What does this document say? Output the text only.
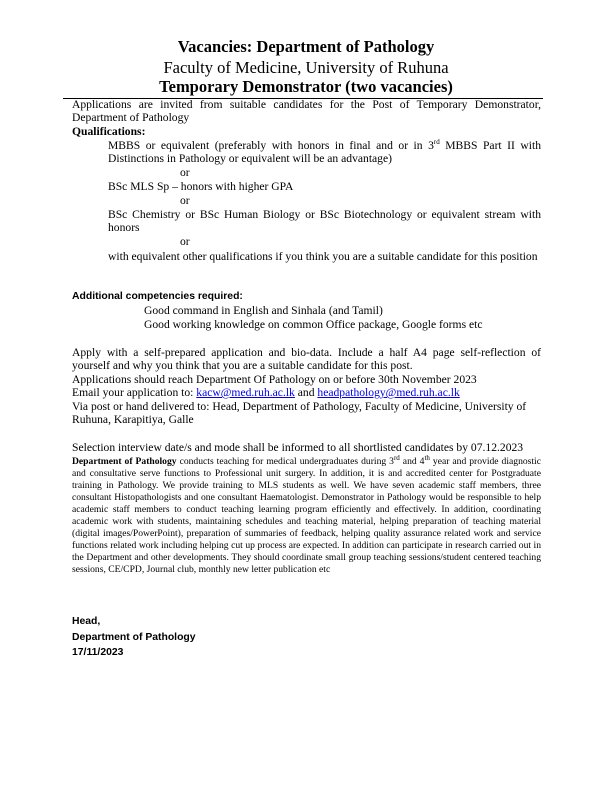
Vacancies: Department of Pathology
Faculty of Medicine, University of Ruhuna
Temporary Demonstrator (two vacancies)
Applications are invited from suitable candidates for the Post of Temporary Demonstrator, Department of Pathology
Qualifications:
MBBS or equivalent (preferably with honors in final and or in 3rd MBBS Part II with Distinctions in Pathology or equivalent will be an advantage)
or
BSc MLS Sp – honors with higher GPA
or
BSc Chemistry or BSc Human Biology or BSc Biotechnology or equivalent stream with honors
or
with equivalent other qualifications if you think you are a suitable candidate for this position
Additional competencies required:
Good command in English and Sinhala (and Tamil)
Good working knowledge on common Office package, Google forms etc
Apply with a self-prepared application and bio-data. Include a half A4 page self-reflection of yourself and why you think that you are a suitable candidate for this post.
Applications should reach Department Of Pathology on or before 30th November 2023
Email your application to: kacw@med.ruh.ac.lk and headpathology@med.ruh.ac.lk
Via post or hand delivered to: Head, Department of Pathology, Faculty of Medicine, University of Ruhuna, Karapitiya, Galle
Selection interview date/s and mode shall be informed to all shortlisted candidates by 07.12.2023
Department of Pathology conducts teaching for medical undergraduates during 3rd and 4th year and provide diagnostic and consultative serve functions to Professional unit surgery. In addition, it is and accredited center for Postgraduate training in Pathology. We provide training to MLS students as well. We have seven academic staff members, three consultant Histopathologists and one consultant Haematologist. Demonstrator in Pathology would be responsible to help academic staff members to conduct teaching learning program efficiently and effectively. In addition, coordinating academic work with students, maintaining schedules and teaching material, helping preparation of teaching material (digital images/PowerPoint), preparation of summaries of feedback, helping quality assurance related work and service functions related work including helping cut up process are expected. In addition can participate in research carried out in the Department and other developments. They should coordinate small group teaching sessions/student centered teaching sessions, CE/CPD, Journal club, monthly new letter publication etc
Head,
Department of Pathology
17/11/2023
